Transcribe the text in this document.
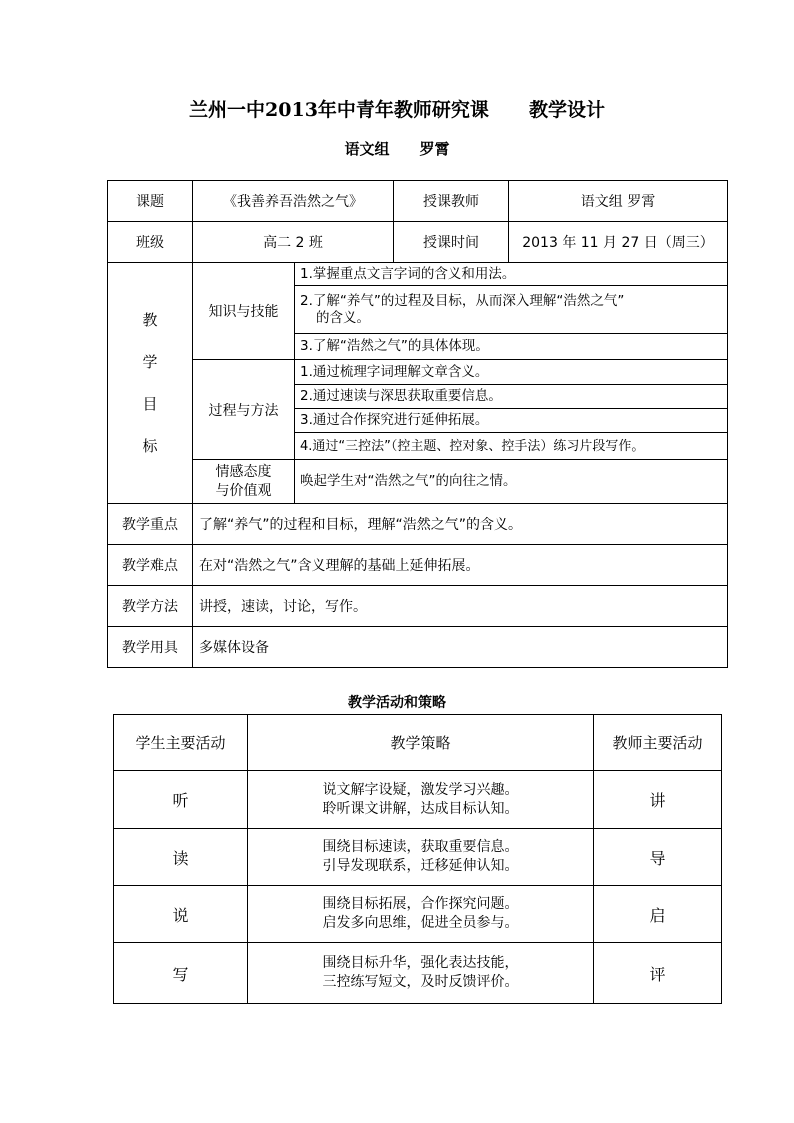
兰州一中2013年中青年教师研究课 教学设计
语文组 罗霄
课题	《我善养吾浩然之气》		授课教师	语文组 罗霄
班级	高二 2 班		授课时间	2013 年 11 月 27 日（周三）

教
学
目
标	知识与技能	1.掌握重点文言字词的含义和用法。		

		2.了解“养气”的过程及目标，从而深入理解“浩然之气”
的含义。		

		3.了解“浩然之气”的具体体现。		
	过程与方法	1.通过梳理字词理解文章含义。		
		2.通过速读与深思获取重要信息。		
		3.通过合作探究进行延伸拓展。		
		4.通过“三控法”（控主题、控对象、控手法）练习片段写作。		

	情感态度
与价值观	唤起学生对“浩然之气”的向往之情。		
教学重点	了解“养气”的过程和目标，理解“浩然之气”的含义。			
教学难点	在对“浩然之气”含义理解的基础上延伸拓展。			
教学方法	讲授，速读，讨论，写作。			
教学用具	多媒体设备			
教学活动和策略
学生主要活动	教学策略	教师主要活动
听	说文解字设疑，激发学习兴趣。
聆听课文讲解，达成目标认知。	讲
读	围绕目标速读，获取重要信息。
引导发现联系，迁移延伸认知。	导
说	围绕目标拓展，合作探究问题。
启发多向思维，促进全员参与。	启
写	围绕目标升华，强化表达技能，
三控练写短文，及时反馈评价。	评
